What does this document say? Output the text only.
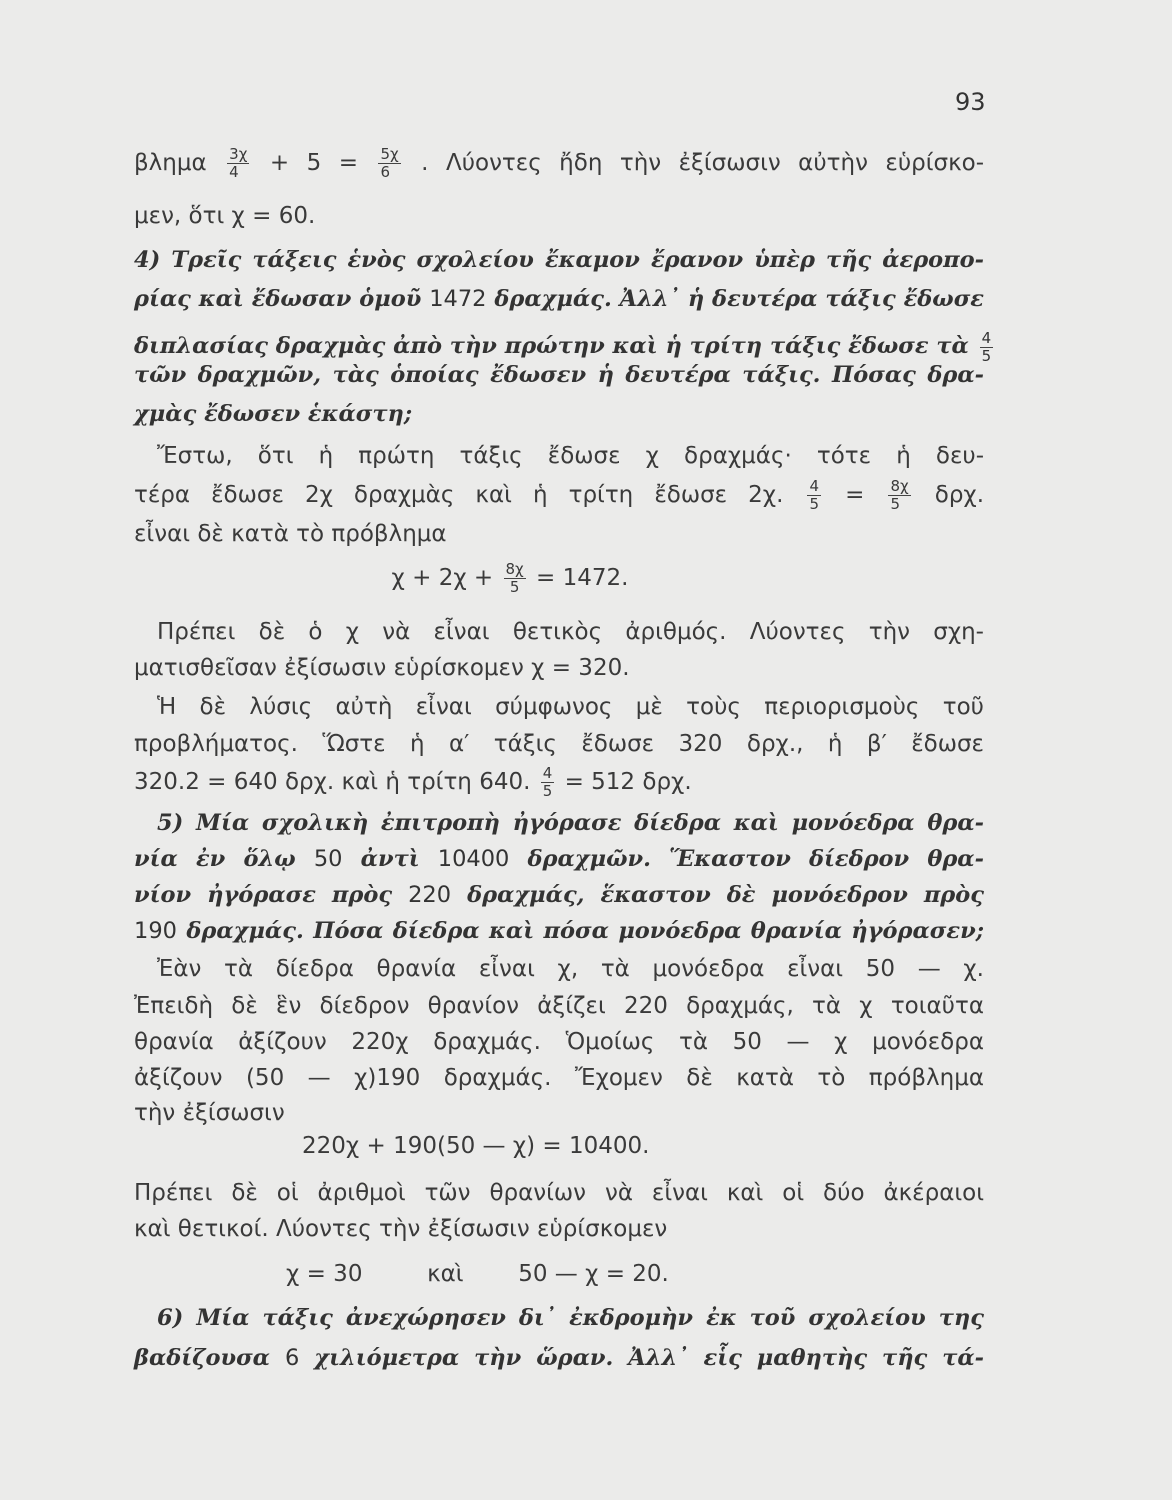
93
βλημα $\frac{3\chi}{4} + 5 = \frac{5\chi}{6}$ . Λύοντες ἤδη τὴν ἐξίσωσιν αὐτὴν εὑρίσκο-
μεν, ὅτι χ = 60.
4) Τρεῖς τάξεις ἑνὸς σχολείου ἔκαμον ἔρανον ὑπὲρ τῆς ἀεροπο-
ρίας καὶ ἔδωσαν ὁμοῦ 1472 δραχμάς. Ἀλλ᾽ ἡ δευτέρα τάξις ἔδωσε
διπλασίας δραχμὰς ἀπὸ τὴν πρώτην καὶ ἡ τρίτη τάξις ἔδωσε τὰ $\frac{4}{5}$
τῶν δραχμῶν, τὰς ὁποίας ἔδωσεν ἡ δευτέρα τάξις. Πόσας δρα-
χμὰς ἔδωσεν ἑκάστη;
Ἔστω, ὅτι ἡ πρώτη τάξις ἔδωσε χ δραχμάς· τότε ἡ δευ-
τέρα ἔδωσε 2χ δραχμὰς καὶ ἡ τρίτη ἔδωσε 2χ. $\frac{4}{5} = \frac{8\chi}{5} \delta\rho\chi$.
εἶναι δὲ κατὰ τὸ πρόβλημα
$\chi + 2\chi + \frac{8\chi}{5} = 1472$.
Πρέπει δὲ ὁ χ νὰ εἶναι θετικὸς ἀριθμός. Λύοντες τὴν σχη-
ματισθεῖσαν ἐξίσωσιν εὑρίσκομεν χ = 320.
Ἡ δὲ λύσις αὐτὴ εἶναι σύμφωνος μὲ τοὺς περιορισμοὺς τοῦ
προβλήματος. Ὥστε ἡ α′ τάξις ἔδωσε 320 δρχ., ἡ β′ ἔδωσε
320.2 = 640 δρχ. καὶ ἡ τρίτη 640. $\frac{4}{5} = 512$ δρχ.
5) Μία σχολικὴ ἐπιτροπὴ ἠγόρασε δίεδρα καὶ μονόεδρα θρα-
νία ἐν ὅλῳ 50 ἀντὶ 10400 δραχμῶν. Ἕκαστον δίεδρον θρα-
νίον ἠγόρασε πρὸς 220 δραχμάς, ἕκαστον δὲ μονόεδρον πρὸς
190 δραχμάς. Πόσα δίεδρα καὶ πόσα μονόεδρα θρανία ἠγόρασεν;
Ἐὰν τὰ δίεδρα θρανία εἶναι χ, τὰ μονόεδρα εἶναι 50 — χ.
Ἐπειδὴ δὲ ἓν δίεδρον θρανίον ἀξίζει 220 δραχμάς, τὰ χ τοιαῦτα
θρανία ἀξίζουν 220χ δραχμάς. Ὁμοίως τὰ 50 — χ μονόεδρα
ἀξίζουν (50 — χ)190 δραχμάς. Ἔχομεν δὲ κατὰ τὸ πρόβλημα
τὴν ἐξίσωσιν
220χ + 190(50 — χ) = 10400.
Πρέπει δὲ οἱ ἀριθμοὶ τῶν θρανίων νὰ εἶναι καὶ οἱ δύο ἀκέραιοι
καὶ θετικοί. Λύοντες τὴν ἐξίσωσιν εὑρίσκομεν
χ = 30	καὶ 50 — χ = 20.
6) Μία τάξις ἀνεχώρησεν δι᾽ ἐκδρομὴν ἐκ τοῦ σχολείου της
βαδίζουσα 6 χιλιόμετρα τὴν ὥραν. Ἀλλ᾽ εἷς μαθητὴς τῆς τά-
